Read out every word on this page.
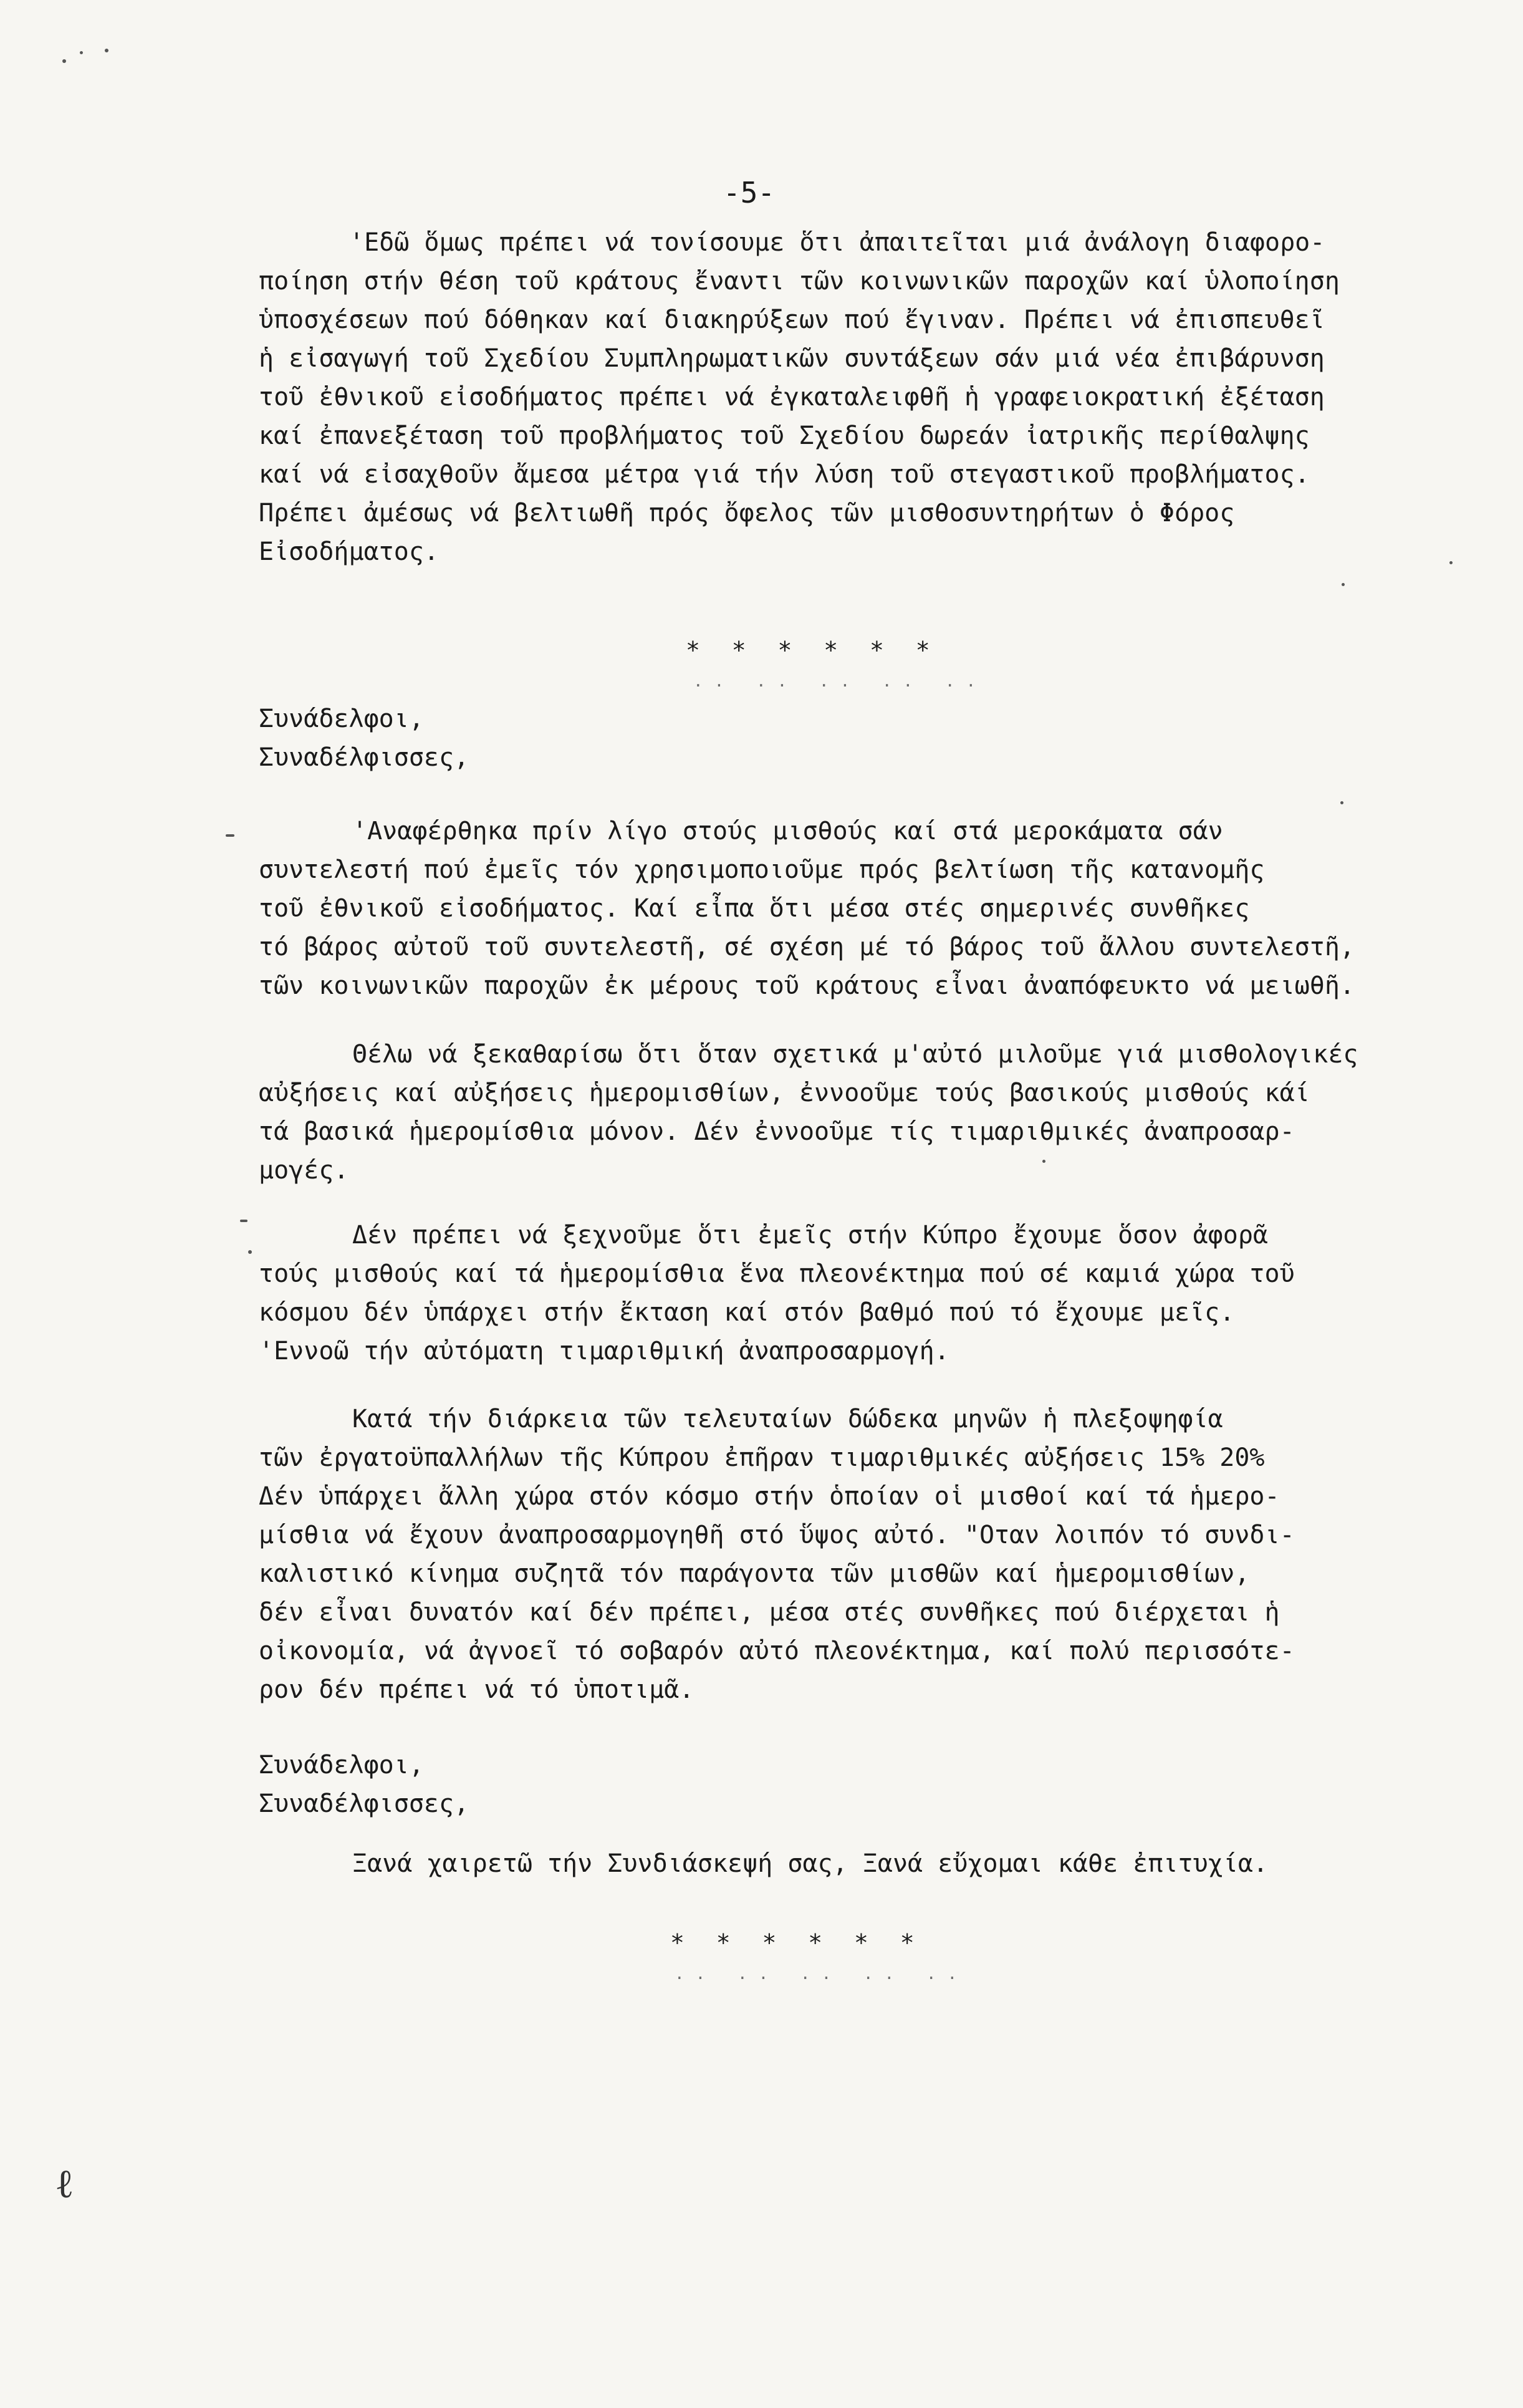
-5-
'Εδῶ ὅμως πρέπει νά τονίσουμε ὅτι ἀπαιτεῖται μιά ἀνάλογη διαφορο-
ποίηση στήν θέση τοῦ κράτους ἔναντι τῶν κοινωνικῶν παροχῶν καί ὑλοποίηση
ὑποσχέσεων πού δόθηκαν καί διακηρύξεων πού ἔγιναν. Πρέπει νά ἐπισπευθεῖ
ἡ εἰσαγωγή τοῦ Σχεδίου Συμπληρωματικῶν συντάξεων σάν μιά νέα ἐπιβάρυνση
τοῦ ἐθνικοῦ εἰσοδήματος πρέπει νά ἐγκαταλειφθῆ ἡ γραφειοκρατική ἐξέταση
καί ἐπανεξέταση τοῦ προβλήματος τοῦ Σχεδίου δωρεάν ἰατρικῆς περίθαλψης
καί νά εἰσαχθοῦν ἄμεσα μέτρα γιά τήν λύση τοῦ στεγαστικοῦ προβλήματος.
Πρέπει ἀμέσως νά βελτιωθῆ πρός ὄφελος τῶν μισθοσυντηρήτων ὁ Φόρος
Εἰσοδήματος.
* * * * * *
.. .. .. .. ..
Συνάδελφοι,
Συναδέλφισσες,
'Αναφέρθηκα πρίν λίγο στούς μισθούς καί στά μεροκάματα σάν
συντελεστή πού ἐμεῖς τόν χρησιμοποιοῦμε πρός βελτίωση τῆς κατανομῆς
τοῦ ἐθνικοῦ εἰσοδήματος. Καί εἶπα ὅτι μέσα στές σημερινές συνθῆκες
τό βάρος αὐτοῦ τοῦ συντελεστῆ, σέ σχέση μέ τό βάρος τοῦ ἄλλου συντελεστῆ,
τῶν κοινωνικῶν παροχῶν ἐκ μέρους τοῦ κράτους εἶναι ἀναπόφευκτο νά μειωθῆ.
Θέλω νά ξεκαθαρίσω ὅτι ὅταν σχετικά μ'αὐτό μιλοῦμε γιά μισθολογικές
αὐξήσεις καί αὐξήσεις ἡμερομισθίων, ἐννοοῦμε τούς βασικούς μισθούς κάί
τά βασικά ἡμερομίσθια μόνον. Δέν ἐννοοῦμε τίς τιμαριθμικές ἀναπροσαρ-
μογές.
Δέν πρέπει νά ξεχνοῦμε ὅτι ἐμεῖς στήν Κύπρο ἔχουμε ὅσον ἀφορᾶ
τούς μισθούς καί τά ἡμερομίσθια ἕνα πλεονέκτημα πού σέ καμιά χώρα τοῦ
κόσμου δέν ὑπάρχει στήν ἔκταση καί στόν βαθμό πού τό ἔχουμε μεῖς.
'Εννοῶ τήν αὐτόματη τιμαριθμική ἀναπροσαρμογή.
Κατά τήν διάρκεια τῶν τελευταίων δώδεκα μηνῶν ἡ πλεξοψηφία
τῶν ἐργατοϋπαλλήλων τῆς Κύπρου ἐπῆραν τιμαριθμικές αὐξήσεις 15% 20%
Δέν ὑπάρχει ἄλλη χώρα στόν κόσμο στήν ὁποίαν οἱ μισθοί καί τά ἡμερο-
μίσθια νά ἔχουν ἀναπροσαρμογηθῆ στό ὕψος αὐτό. "Οταν λοιπόν τό συνδι-
καλιστικό κίνημα συζητᾶ τόν παράγοντα τῶν μισθῶν καί ἡμερομισθίων,
δέν εἶναι δυνατόν καί δέν πρέπει, μέσα στές συνθῆκες πού διέρχεται ἡ
οἰκονομία, νά ἀγνοεῖ τό σοβαρόν αὐτό πλεονέκτημα, καί πολύ περισσότε-
ρον δέν πρέπει νά τό ὑποτιμᾶ.
Συνάδελφοι,
Συναδέλφισσες,
Ξανά χαιρετῶ τήν Συνδιάσκεψή σας, Ξανά εὔχομαι κάθε ἐπιτυχία.
* * * * * *
.. .. .. .. ..
ℓ
